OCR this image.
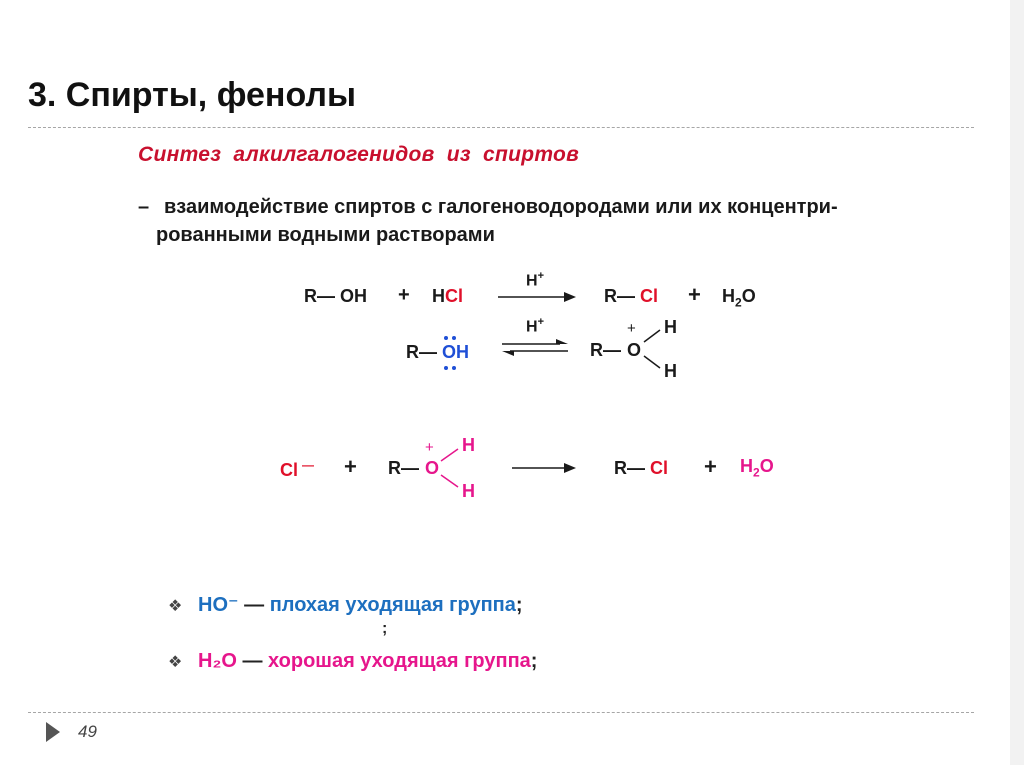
3. Спирты, фенолы
Синтез алкилгалогенидов из спиртов
– взаимодействие спиртов с галогеноводородами или их концентри-
рованными водными растворами
R— OH + HCl
H+
R— $Cl + H_2O$
R— OH
H+
R— O
+ H
H
Cl — + R— O
+ H
H
R— $Cl + H_2O$
❖ HO⁻ — плохая уходящая группа;
;
❖ H₂O — хорошая уходящая группа;
49
